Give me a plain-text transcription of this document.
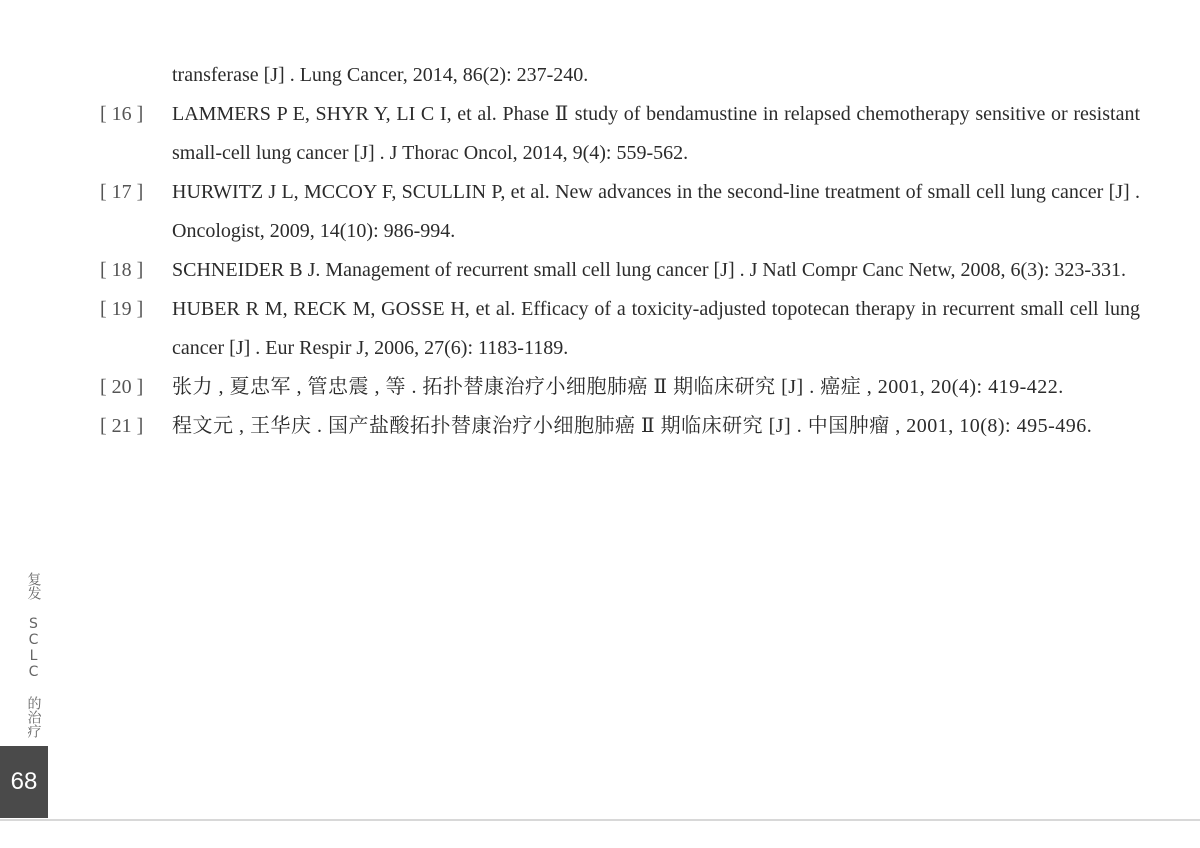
transferase [J] . Lung Cancer, 2014, 86(2): 237-240.
[ 16 ]	LAMMERS P E, SHYR Y, LI C I, et al. Phase Ⅱ study of bendamustine in relapsed chemotherapy sensitive or resistant small-cell lung cancer [J] . J Thorac Oncol, 2014, 9(4): 559-562.
[ 17 ]	HURWITZ J L, MCCOY F, SCULLIN P, et al. New advances in the second-line treatment of small cell lung cancer [J] . Oncologist, 2009, 14(10): 986-994.
[ 18 ]	SCHNEIDER B J. Management of recurrent small cell lung cancer [J] . J Natl Compr Canc Netw, 2008, 6(3): 323-331.
[ 19 ]	HUBER R M, RECK M, GOSSE H, et al. Efficacy of a toxicity-adjusted topotecan therapy in recurrent small cell lung cancer [J] . Eur Respir J, 2006, 27(6): 1183-1189.
[ 20 ]	张力 , 夏忠军 , 管忠震 , 等 . 拓扑替康治疗小细胞肺癌 Ⅱ 期临床研究 [J] . 癌症 , 2001, 20(4): 419-422.
[ 21 ]	程文元 , 王华庆 . 国产盐酸拓扑替康治疗小细胞肺癌 Ⅱ 期临床研究 [J] . 中国肿瘤 , 2001, 10(8): 495-496.
复发 SCLC 的治疗
68
